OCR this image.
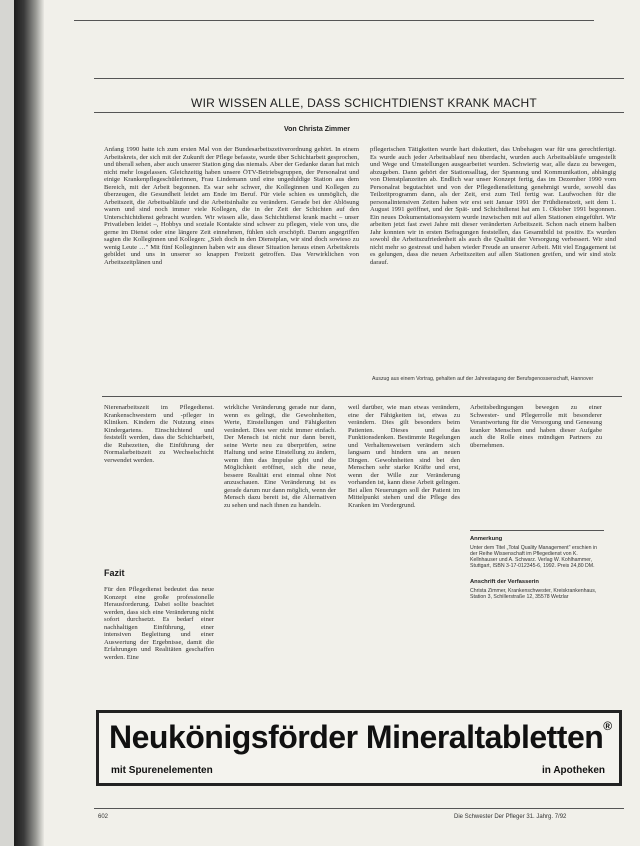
WIR WISSEN ALLE, DASS SCHICHTDIENST KRANK MACHT
Von Christa Zimmer

Anfang 1990 hatte ich zum ersten Mal von der Bundesarbeitszeitverordnung gehört. In einem Arbeitskreis, der sich mit der Zukunft der Pflege befasste, wurde über Schichtarbeit gesprochen, und überall sehen, aber auch unserer Station ging das niemals. Aber der Gedanke daran hat mich nicht mehr losgelassen. Gleichzeitig haben unsere ÖTV-Betriebsgruppen, der Personalrat und einige Krankenpflegeschülerinnen, Frau Lindemann und eine ungeduldige Station aus dem Bereich, mit der Arbeit begonnen. Es war sehr schwer, die Kolleginnen und Kollegen zu überzeugen, die Gesundheit leidet am Ende im Beruf. Für viele schien es unmöglich, die Arbeitszeit, die Arbeitsabläufe und die Arbeitsinhalte zu verändern. Gerade bei der Ablösung waren und sind noch immer viele Kollegen, die in der Zeit der Schichten auf den Unterschichtdienst gebracht wurden. Wir wissen alle, dass Schichtdienst krank macht – unser Privatleben leidet –, Hobbys und soziale Kontakte sind schwer zu pflegen, viele von uns, die gerne im Dienst oder eine längere Zeit einnehmen, fühlen sich erschöpft. Darum angegriffen sagten die Kolleginnen und Kollegen: „Sieh doch in den Dienstplan, wir sind doch sowieso zu wenig Leute …" Mit fünf Kolleginnen haben wir aus dieser Situation heraus einen Arbeitskreis gebildet und uns in unserer so knappen Freizeit getroffen. Das Verwirklichen von Arbeitszeitplänen und

pflegerischen Tätigkeiten wurde hart diskutiert, das Unbehagen war für uns gerechtfertigt. Es wurde auch jeder Arbeitsablauf neu überdacht, wurden auch Arbeitsabläufe umgestellt und Wege und Umstellungen ausgearbeitet wurden. Schwierig war, alle dazu zu bewegen, abzugeben. Dann gehört der Stationsalltag, der Spannung und Kommunikation, abhängig von Dienstplanzeiten ab. Endlich war unser Konzept fertig, das im Dezember 1990 vom Personalrat begutachtet und von der Pflegedienstleitung genehmigt wurde, sowohl das Teilzeitprogramm dann, als der Zeit, erst zum Teil fertig war. Laufwochen für die personalintensiven Zeiten haben wir erst seit Januar 1991 der Frühdienstzeit, seit dem 1. August 1991 geöffnet, und der Spät- und Schichtdienst hat am 1. Oktober 1991 begonnen. Ein neues Dokumentationssystem wurde inzwischen mit auf allen Stationen eingeführt. Wir arbeiten jetzt fast zwei Jahre mit dieser veränderten Arbeitszeit. Schon nach einem halben Jahr konnten wir in ersten Befragungen feststellen, das Gesamtbild ist positiv. Es wurden sowohl die Arbeitszufriedenheit als auch die Qualität der Versorgung verbessert. Wir sind nicht mehr so gestresst und haben wieder Freude an unserer Arbeit. Mit viel Engagement ist es gelungen, dass die neuen Arbeitszeiten auf allen Stationen greifen, und wir sind stolz darauf.

Auszug aus einem Vortrag, gehalten auf der Jahrestagung der Berufsgenossenschaft, Hannover

Nierenarbeitszeit im Pflegedienst. Krankenschwestern und -pfleger in Kliniken. Kindern die Nutzung eines Kindergartens. Einschichtend und feststellt werden, dass die Schichtarbeit, die Ruhezeiten, die Einführung der Normalarbeitszeit zu Wechselschicht verwendet werden.

Fazit

Für den Pflegedienst bedeutet das neue Konzept eine große professionelle Herausforderung. Dabei sollte beachtet werden, dass sich eine Veränderung nicht sofort durchsetzt. Es bedarf einer nachhaltigen Einführung, einer intensiven Begleitung und einer Auswertung der Ergebnisse, damit die Erfahrungen und Realitäten geschaffen werden. Eine

wirkliche Veränderung gerade nur dann, wenn es gelingt, die Gewohnheiten, Werte, Einstellungen und Fähigkeiten verändert. Dies wer nicht immer einfach. Der Mensch ist nicht nur dann bereit, seine Werte neu zu überprüfen, seine Haltung und seine Einstellung zu ändern, wenn ihm das Impulse gibt und die Möglichkeit eröffnet, sich die neue, bessere Realität erst einmal ohne Not anzuschauen. Eine Veränderung ist es gerade darum nur dann möglich, wenn der Mensch dazu bereit ist, die Alternativen zu sehen und nach ihnen zu handeln.

weil darüber, wie man etwas verändern, eine der Fähigkeiten ist, etwas zu verändern. Dies gilt besonders beim Patienten. Dieses und das Funktionsdenken. Bestimmte Regelungen und Verhaltensweisen verändern sich langsam und hindern uns an neuen Dingen. Gewohnheiten sind bei den Menschen sehr starke Kräfte und erst, wenn der Wille zur Veränderung vorhanden ist, kann diese Arbeit gelingen. Bei allen Neuerungen soll der Patient im Mittelpunkt stehen und die Pflege des Kranken im Vordergrund.

Arbeitsbedingungen bewegen zu einer Schwester- und Pflegerrolle mit besonderer Verantwortung für die Versorgung und Genesung kranker Menschen und haben dieser Aufgabe auch die Rolle eines mündigen Partners zu übernehmen.

Anmerkung
Unter dem Titel „Total Quality Management" erschien in der Reihe Wissenschaft im Pflegedienst von K. Kellnhauser und A. Schwarz. Verlag W. Kohlhammer, Stuttgart, ISBN 3-17-012345-6, 1992. Preis 24,80 DM.
Anschrift der Verfasserin
Christa Zimmer, Krankenschwester, Kreiskrankenhaus, Station 3, Schillerstraße 12, 35578 Wetzlar
Neukönigsförder Mineraltabletten®
mit Spurenelementen	in Apotheken
602	Die Schwester Der Pfleger 31. Jahrg. 7/92
